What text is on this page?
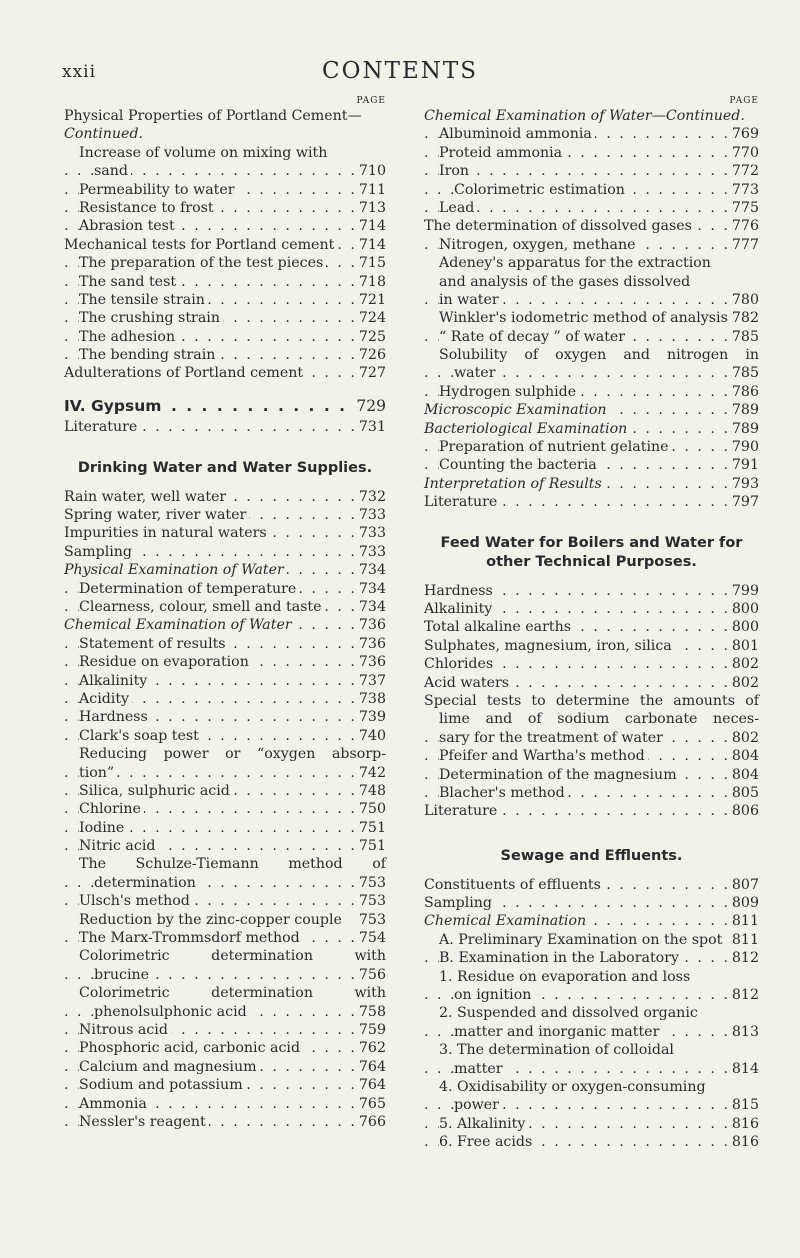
xxii	CONTENTS
PAGE
Physical Properties of Portland Cement—
Continued.
Increase of volume on mixing with
sand	710
. . .
Permeability to water	711
. . .
Resistance to frost	713
. . .
Abrasion test	714
. . .
Mechanical tests for Portland cement 714
. . .
The preparation of the test pieces	715
. . .
The sand test	718
. . .
The tensile strain	721
. . .
The crushing strain	724
. . .
The adhesion	725
. . .
The bending strain	726
. . .
Adulterations of Portland cement	727
. . .
IV. Gypsum	729
. . .
Literature	731
. . .
Drinking Water and Water Supplies.
Rain water, well water	732
. . .
Spring water, river water	733
. . .
Impurities in natural waters	733
. . .
Sampling	733
. . .
Physical Examination of Water	734
. . .
Determination of temperature	734
. . .
Clearness, colour, smell and taste	734
. . .
Chemical Examination of Water	736
. . .
Statement of results	736
. . .
Residue on evaporation	736
. . .
Alkalinity	737
. . .
Acidity	738
. . .
Hardness	739
. . .
Clark's soap test	740
. . .
Reducing power or “oxygen absorp-
tion”	742
. . .
Silica, sulphuric acid	748
. . .
Chlorine	750
. . .
Iodine	751
. . .
Nitric acid	751
. . .
The Schulze-Tiemann method of
determination	753
. . .
Ulsch's method	753
. . .
Reduction by the zinc-copper couple 753
The Marx-Trommsdorf method	754
. . .
Colorimetric determination with
brucine	756
. . .
Colorimetric determination with
phenolsulphonic acid	758
. . .
Nitrous acid	759
. . .
Phosphoric acid, carbonic acid	762
. . .
Calcium and magnesium	764
. . .
Sodium and potassium	764
. . .
Ammonia	765
. . .
Nessler's reagent	766
. . .
PAGE
Chemical Examination of Water—Continued.
Albuminoid ammonia	769
. . .
Proteid ammonia	770
. . .
Iron	772
. . .
Colorimetric estimation	773
. . .
Lead	775
. . .
The determination of dissolved gases	776
. . .
Nitrogen, oxygen, methane	777
. . .
Adeney's apparatus for the extraction
and analysis of the gases dissolved
in water	780
. . .
Winkler's iodometric method of analysis 782
“ Rate of decay ” of water	785
. . .
Solubility of oxygen and nitrogen in
water	785
. . .
Hydrogen sulphide	786
. . .
Microscopic Examination	789
. . .
Bacteriological Examination	789
. . .
Preparation of nutrient gelatine	790
. . .
Counting the bacteria	791
. . .
Interpretation of Results	793
. . .
Literature	797
. . .
Feed Water for Boilers and Water for
other Technical Purposes.
Hardness	799
. . .
Alkalinity	800
. . .
Total alkaline earths	800
. . .
Sulphates, magnesium, iron, silica	801
. . .
Chlorides	802
. . .
Acid waters	802
. . .
Special tests to determine the amounts of
lime and of sodium carbonate neces-
sary for the treatment of water	802
. . .
Pfeifer and Wartha's method	804
. . .
Determination of the magnesium	804
. . .
Blacher's method	805
. . .
Literature	806
. . .
Sewage and Effluents.
Constituents of effluents	807
. . .
Sampling	809
. . .
Chemical Examination	811
. . .
A. Preliminary Examination on the spot 811
B. Examination in the Laboratory	812
. . .
1. Residue on evaporation and loss
on ignition	812
. . .
2. Suspended and dissolved organic
matter and inorganic matter	813
. . .
3. The determination of colloidal
matter	814
. . .
4. Oxidisability or oxygen-consuming
power	815
. . .
5. Alkalinity	816
. . .
6. Free acids	816
. . .
